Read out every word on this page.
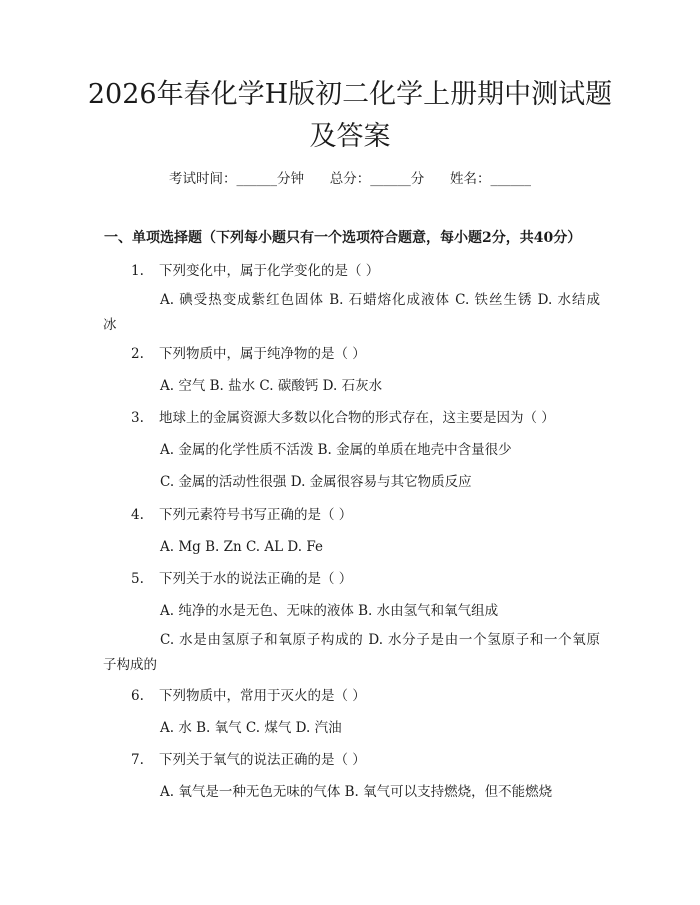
2026年春化学H版初二化学上册期中测试题
及答案
考试时间：______分钟      总分：______分      姓名：______
一、单项选择题（下列每小题只有一个选项符合题意，每小题2分，共40分）
1. 下列变化中，属于化学变化的是（ ）
A. 碘受热变成紫红色固体 B. 石蜡熔化成液体 C. 铁丝生锈 D. 水结成
冰
2. 下列物质中，属于纯净物的是（ ）
A. 空气 B. 盐水 C. 碳酸钙 D. 石灰水
3. 地球上的金属资源大多数以化合物的形式存在，这主要是因为（ ）
A. 金属的化学性质不活泼 B. 金属的单质在地壳中含量很少
C. 金属的活动性很强 D. 金属很容易与其它物质反应
4. 下列元素符号书写正确的是（ ）
A. Mg B. Zn C. AL D. Fe
5. 下列关于水的说法正确的是（ ）
A. 纯净的水是无色、无味的液体 B. 水由氢气和氧气组成
C. 水是由氢原子和氧原子构成的 D. 水分子是由一个氢原子和一个氧原
子构成的
6. 下列物质中，常用于灭火的是（ ）
A. 水 B. 氧气 C. 煤气 D. 汽油
7. 下列关于氧气的说法正确的是（ ）
A. 氧气是一种无色无味的气体 B. 氧气可以支持燃烧，但不能燃烧
